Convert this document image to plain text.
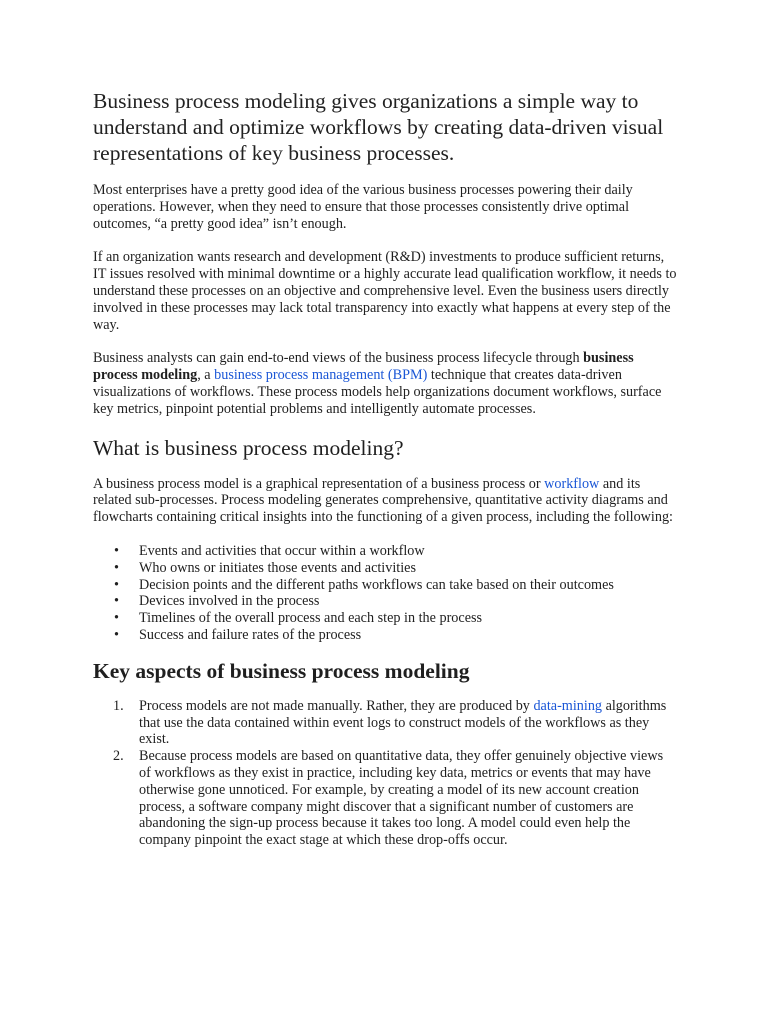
Business process modeling gives organizations a simple way to understand and optimize workflows by creating data-driven visual representations of key business processes.

Most enterprises have a pretty good idea of the various business processes powering their daily operations. However, when they need to ensure that those processes consistently drive optimal outcomes, “a pretty good idea” isn’t enough.

If an organization wants research and development (R&D) investments to produce sufficient returns, IT issues resolved with minimal downtime or a highly accurate lead qualification workflow, it needs to understand these processes on an objective and comprehensive level. Even the business users directly involved in these processes may lack total transparency into exactly what happens at every step of the way.

Business analysts can gain end-to-end views of the business process lifecycle through business process modeling, a business process management (BPM) technique that creates data-driven visualizations of workflows. These process models help organizations document workflows, surface key metrics, pinpoint potential problems and intelligently automate processes.

What is business process modeling?

A business process model is a graphical representation of a business process or workflow and its related sub-processes. Process modeling generates comprehensive, quantitative activity diagrams and flowcharts containing critical insights into the functioning of a given process, including the following:

• Events and activities that occur within a workflow
• Who owns or initiates those events and activities
• Decision points and the different paths workflows can take based on their outcomes
• Devices involved in the process
• Timelines of the overall process and each step in the process
• Success and failure rates of the process
Key aspects of business process modeling
1. Process models are not made manually. Rather, they are produced by data-mining algorithms that use the data contained within event logs to construct models of the workflows as they exist.
2. Because process models are based on quantitative data, they offer genuinely objective views of workflows as they exist in practice, including key data, metrics or events that may have otherwise gone unnoticed. For example, by creating a model of its new account creation process, a software company might discover that a significant number of customers are abandoning the sign-up process because it takes too long. A model could even help the company pinpoint the exact stage at which these drop-offs occur.
